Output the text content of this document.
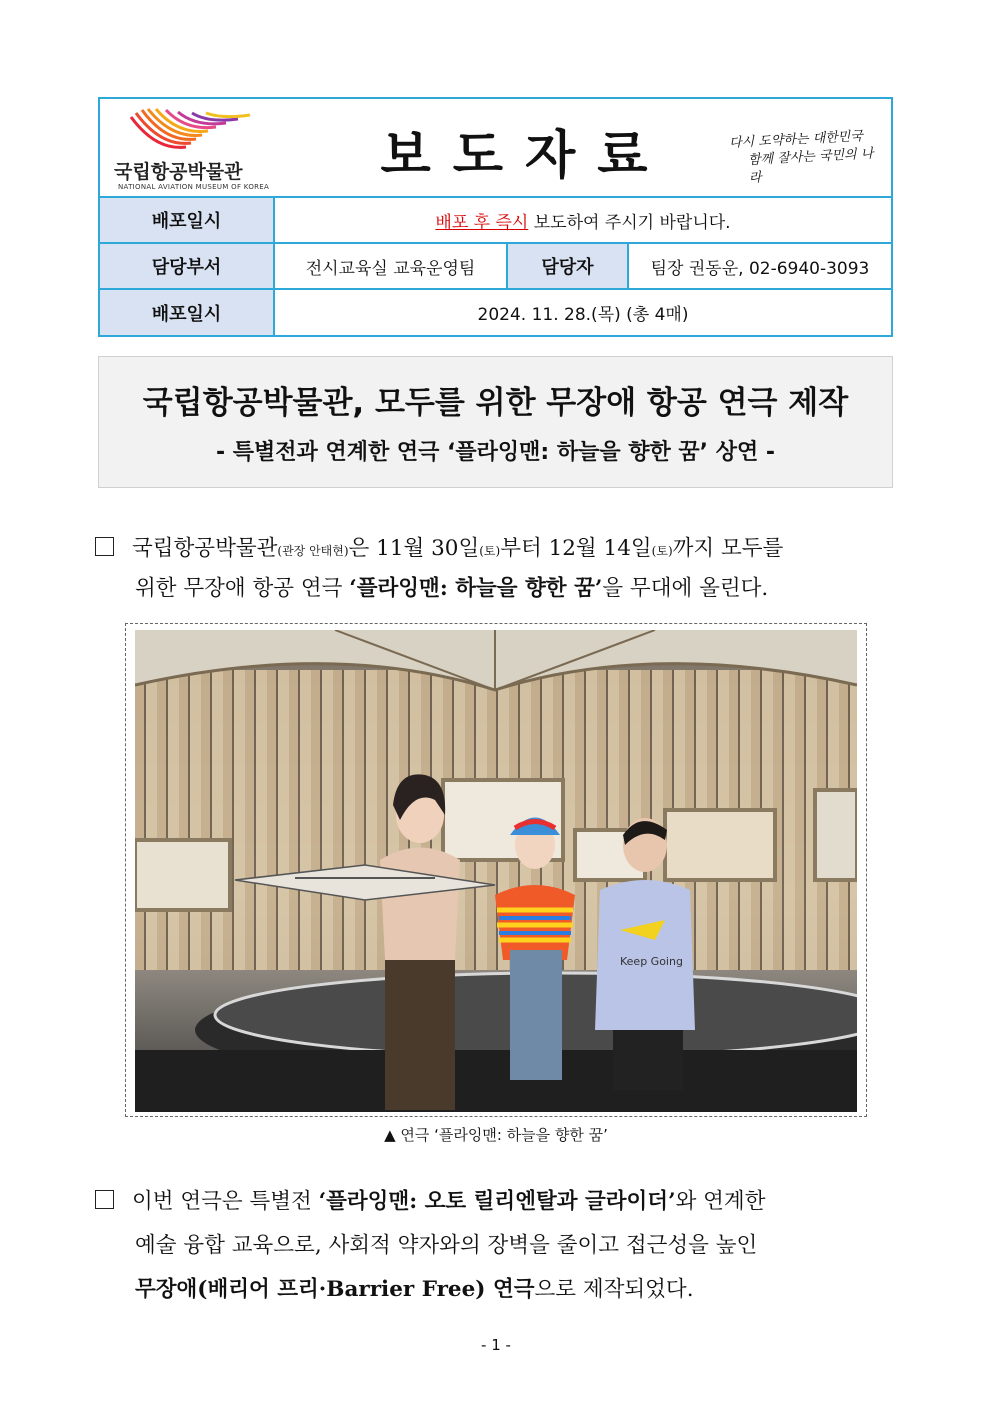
국립항공박물관
NATIONAL AVIATION MUSEUM OF KOREA
보도자료	다시 도약하는 대한민국
함께 잘사는 국민의 나라
배포일시	배포 후 즉시 보도하여 주시기 바랍니다.
담당부서	전시교육실 교육운영팀	담당자	팀장 권동운, 02-6940-3093
배포일시	2024. 11. 28.(목) (총 4매)
국립항공박물관, 모두를 위한 무장애 항공 연극 제작
- 특별전과 연계한 연극 ‘플라잉맨: 하늘을 향한 꿈’ 상연 -
국립항공박물관(관장 안태현)은 11월 30일(토)부터 12월 14일(토)까지 모두를
위한 무장애 항공 연극 ‘플라잉맨: 하늘을 향한 꿈’을 무대에 올린다.
Keep Going
▲ 연극 ‘플라잉맨: 하늘을 향한 꿈’
이번 연극은 특별전 ‘플라잉맨: 오토 릴리엔탈과 글라이더’와 연계한
예술 융합 교육으로, 사회적 약자와의 장벽을 줄이고 접근성을 높인
무장애(배리어 프리·Barrier Free) 연극으로 제작되었다.
- 1 -
